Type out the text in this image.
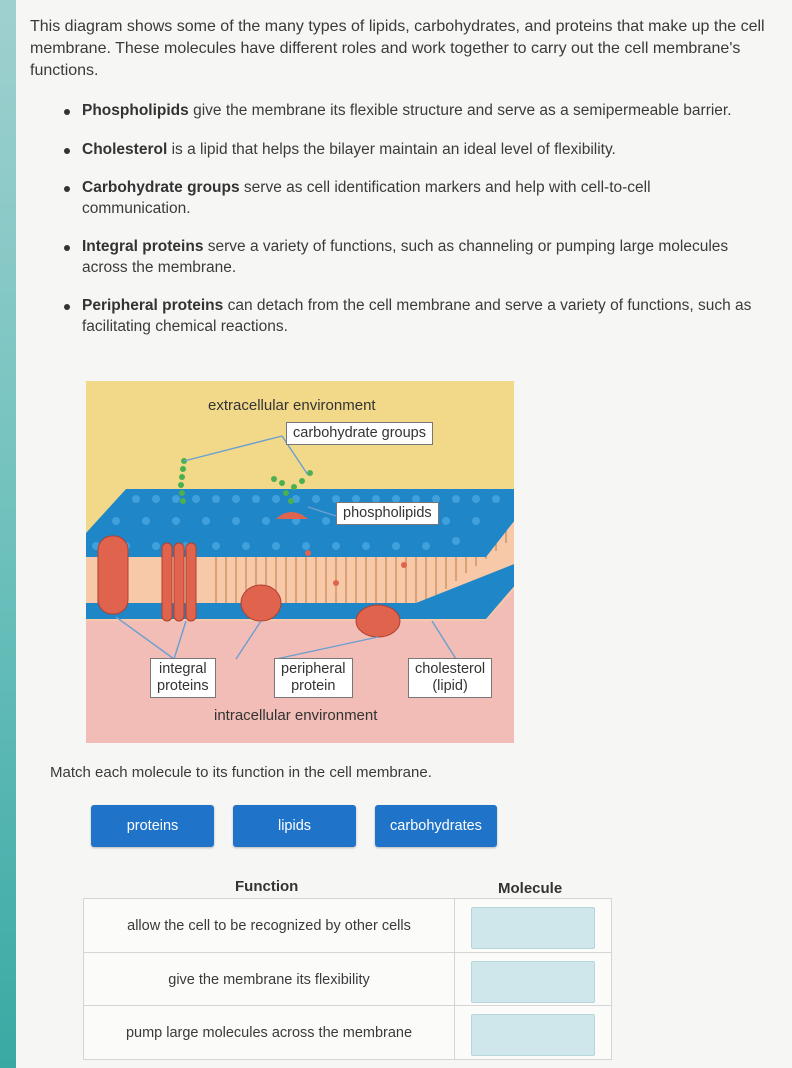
This diagram shows some of the many types of lipids, carbohydrates, and proteins that make up the cell membrane. These molecules have different roles and work together to carry out the cell membrane's functions.
Phospholipids give the membrane its flexible structure and serve as a semipermeable barrier.
Cholesterol is a lipid that helps the bilayer maintain an ideal level of flexibility.
Carbohydrate groups serve as cell identification markers and help with cell-to-cell communication.
Integral proteins serve a variety of functions, such as channeling or pumping large molecules across the membrane.
Peripheral proteins can detach from the cell membrane and serve a variety of functions, such as facilitating chemical reactions.
extracellular environment
carbohydrate groups
phospholipids
integral
proteins
peripheral
protein
cholesterol
(lipid)
intracellular environment
Match each molecule to its function in the cell membrane.
proteins	lipids	carbohydrates
Function	Molecule
allow the cell to be recognized by other cells
give the membrane its flexibility
pump large molecules across the membrane
